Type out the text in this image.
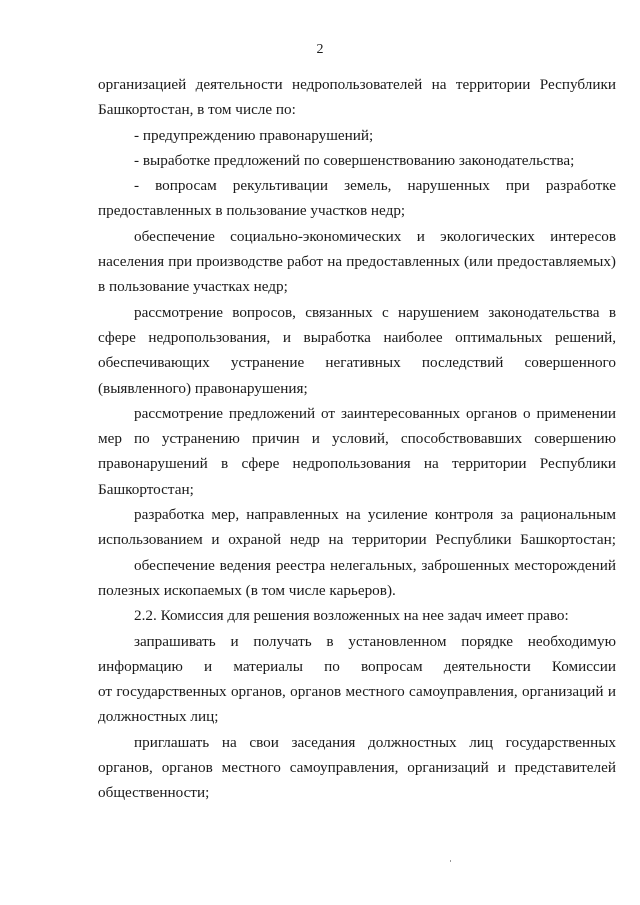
2
организацией деятельности недропользователей на территории Республики
Башкортостан, в том числе по:
- предупреждению правонарушений;
- выработке предложений по совершенствованию законодательства;
- вопросам рекультивации земель, нарушенных при разработке
предоставленных в пользование участков недр;
обеспечение социально-экономических и экологических интересов
населения при производстве работ на предоставленных (или предоставляемых)
в пользование участках недр;
рассмотрение вопросов, связанных с нарушением законодательства в
сфере недропользования, и выработка наиболее оптимальных решений,
обеспечивающих устранение негативных последствий совершенного
(выявленного) правонарушения;
рассмотрение предложений от заинтересованных органов о применении
мер по устранению причин и условий, способствовавших совершению
правонарушений в сфере недропользования на территории Республики
Башкортостан;
разработка мер, направленных на усиление контроля за рациональным
использованием и охраной недр на территории Республики Башкортостан;
обеспечение ведения реестра нелегальных, заброшенных месторождений
полезных ископаемых (в том числе карьеров).
2.2. Комиссия для решения возложенных на нее задач имеет право:
запрашивать и получать в установленном порядке необходимую
информацию и материалы по вопросам деятельности Комиссии
от государственных органов, органов местного самоуправления, организаций и
должностных лиц;
приглашать на свои заседания должностных лиц государственных
органов, органов местного самоуправления, организаций и представителей
общественности;
